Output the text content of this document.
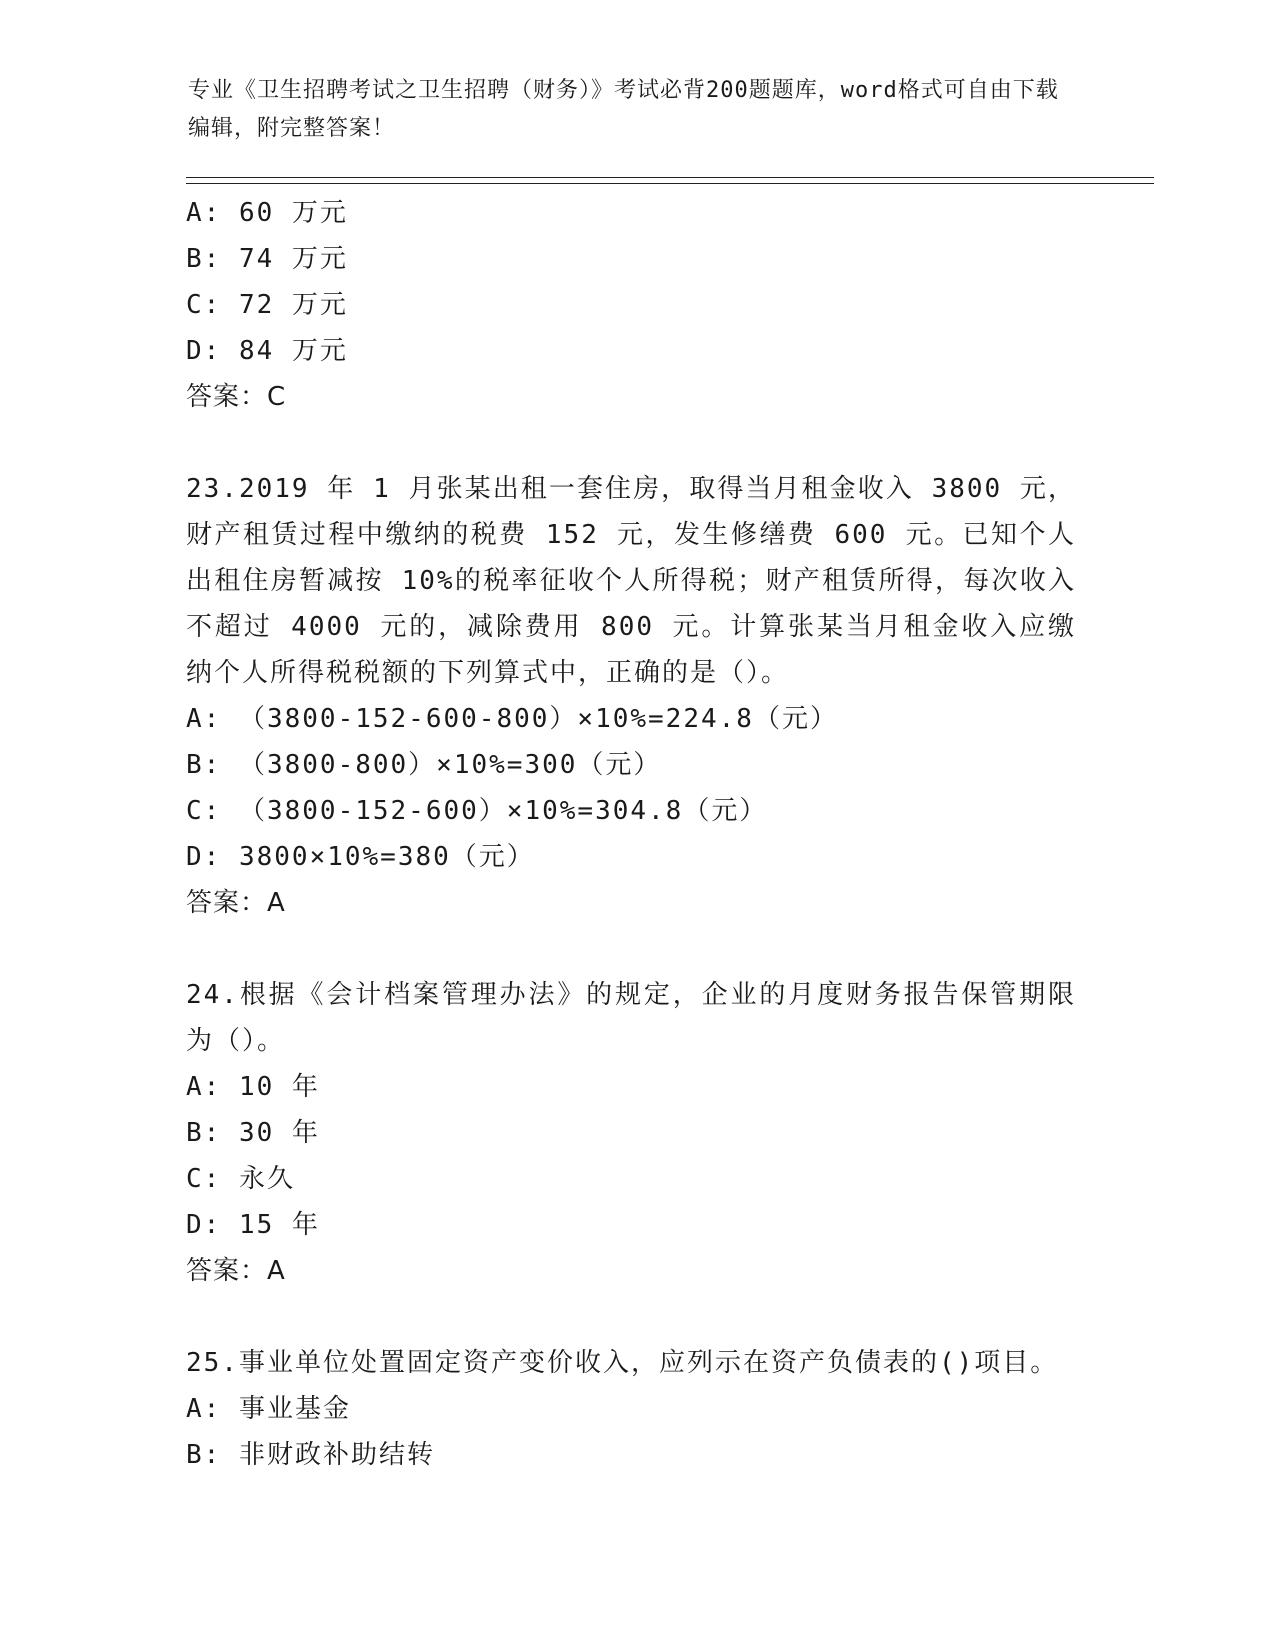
专业《卫生招聘考试之卫生招聘（财务）》考试必背200题题库，word格式可自由下载编辑，附完整答案！
A: 60 万元
B: 74 万元
C: 72 万元
D: 84 万元
答案：C
23.2019 年 1 月张某出租一套住房，取得当月租金收入 3800 元，财产租赁过程中缴纳的税费 152 元，发生修缮费 600 元。已知个人出租住房暂减按 10%的税率征收个人所得税；财产租赁所得，每次收入不超过 4000 元的，减除费用 800 元。计算张某当月租金收入应缴纳个人所得税税额的下列算式中，正确的是（）。
A: （3800-152-600-800）×10%=224.8（元）
B: （3800-800）×10%=300（元）
C: （3800-152-600）×10%=304.8（元）
D: 3800×10%=380（元）
答案：A
24.根据《会计档案管理办法》的规定，企业的月度财务报告保管期限为（）。
A: 10 年
B: 30 年
C: 永久
D: 15 年
答案：A
25.事业单位处置固定资产变价收入，应列示在资产负债表的()项目。
A: 事业基金
B: 非财政补助结转
